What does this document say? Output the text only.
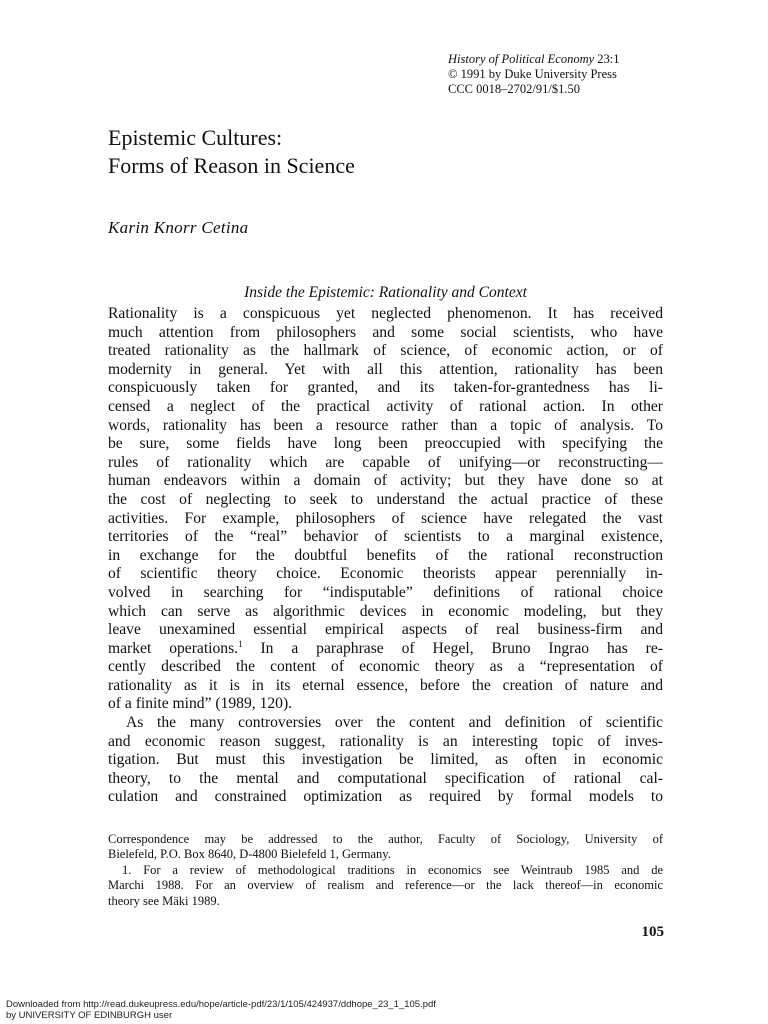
History of Political Economy 23:1
© 1991 by Duke University Press
CCC 0018–2702/91/$1.50
Epistemic Cultures:
Forms of Reason in Science
Karin Knorr Cetina
Inside the Epistemic: Rationality and Context

Rationality is a conspicuous yet neglected phenomenon. It has received

much attention from philosophers and some social scientists, who have

treated rationality as the hallmark of science, of economic action, or of

modernity in general. Yet with all this attention, rationality has been

conspicuously taken for granted, and its taken-for-grantedness has li-

censed a neglect of the practical activity of rational action. In other

words, rationality has been a resource rather than a topic of analysis. To

be sure, some fields have long been preoccupied with specifying the

rules of rationality which are capable of unifying—or reconstructing—

human endeavors within a domain of activity; but they have done so at

the cost of neglecting to seek to understand the actual practice of these

activities. For example, philosophers of science have relegated the vast

territories of the “real” behavior of scientists to a marginal existence,

in exchange for the doubtful benefits of the rational reconstruction

of scientific theory choice. Economic theorists appear perennially in-

volved in searching for “indisputable” definitions of rational choice

which can serve as algorithmic devices in economic modeling, but they

leave unexamined essential empirical aspects of real business-firm and

market operations.$^1$ In a paraphrase of Hegel, Bruno Ingrao has re-

cently described the content of economic theory as a “representation of

rationality as it is in its eternal essence, before the creation of nature and

of a finite mind” (1989, 120).

As the many controversies over the content and definition of scientific

and economic reason suggest, rationality is an interesting topic of inves-

tigation. But must this investigation be limited, as often in economic

theory, to the mental and computational specification of rational cal-

culation and constrained optimization as required by formal models to

Correspondence may be addressed to the author, Faculty of Sociology, University of

Bielefeld, P.O. Box 8640, D-4800 Bielefeld 1, Germany.

1. For a review of methodological traditions in economics see Weintraub 1985 and de

Marchi 1988. For an overview of realism and reference—or the lack thereof—in economic

theory see Mäki 1989.

105
Downloaded from http://read.dukeupress.edu/hope/article-pdf/23/1/105/424937/ddhope_23_1_105.pdf
by UNIVERSITY OF EDINBURGH user
